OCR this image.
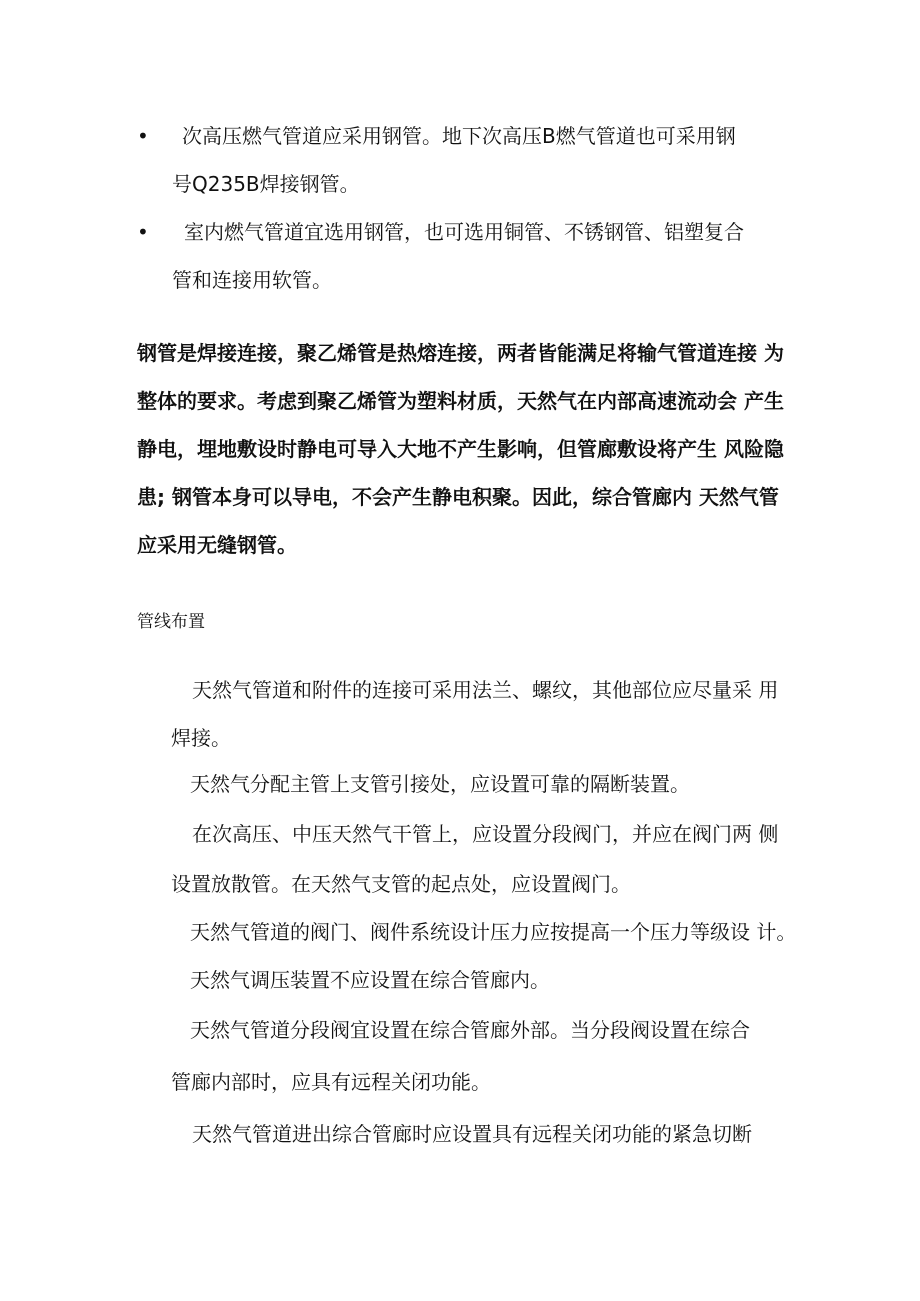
• 次高压燃气管道应采用钢管。地下次高压B燃气管道也可采用钢
号Q235B焊接钢管。
• 室内燃气管道宜选用钢管，也可选用铜管、不锈钢管、铝塑复合
管和连接用软管。
钢管是焊接连接，聚乙烯管是热熔连接，两者皆能满足将输气管道连接 为
整体的要求。考虑到聚乙烯管为塑料材质，天然气在内部高速流动会 产生
静电，埋地敷设时静电可导入大地不产生影响，但管廊敷设将产生 风险隐
患; 钢管本身可以导电，不会产生静电积聚。因此，综合管廊内 天然气管
应采用无缝钢管。
管线布置
天然气管道和附件的连接可采用法兰、螺纹，其他部位应尽量采 用
焊接。
天然气分配主管上支管引接处，应设置可靠的隔断装置。
在次高压、中压天然气干管上，应设置分段阀门，并应在阀门两 侧
设置放散管。在天然气支管的起点处，应设置阀门。
天然气管道的阀门、阀件系统设计压力应按提高一个压力等级设 计。
天然气调压装置不应设置在综合管廊内。
天然气管道分段阀宜设置在综合管廊外部。当分段阀设置在综合
管廊内部时，应具有远程关闭功能。
天然气管道进出综合管廊时应设置具有远程关闭功能的紧急切断
